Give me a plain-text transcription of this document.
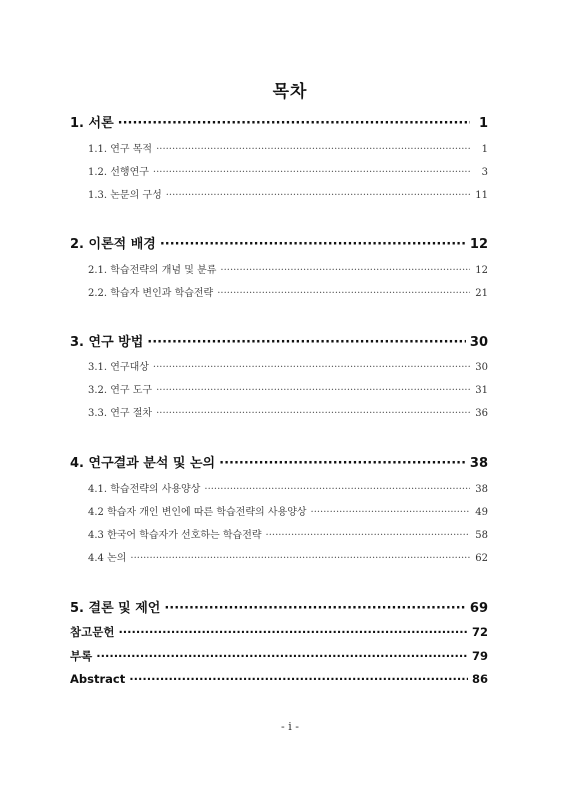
목차
1. 서론 ·····	1
1.1. 연구 목적 ·····	1
1.2. 선행연구 ·····	3
1.3. 논문의 구성 ·····	11
2. 이론적 배경 ·····	12
2.1. 학습전략의 개념 및 분류 ·····	12
2.2. 학습자 변인과 학습전략 ·····	21
3. 연구 방법 ·····	30
3.1. 연구대상 ·····	30
3.2. 연구 도구 ·····	31
3.3. 연구 절차 ·····	36
4. 연구결과 분석 및 논의 ·····	38
4.1. 학습전략의 사용양상 ·····	38
4.2 학습자 개인 변인에 따른 학습전략의 사용양상 ·····	49
4.3 한국어 학습자가 선호하는 학습전략 ·····	58
4.4 논의 ·····	62
5. 결론 및 제언 ·····	69
참고문헌 ·····	72
부록 ·····	79
Abstract ·····	86
- i -
